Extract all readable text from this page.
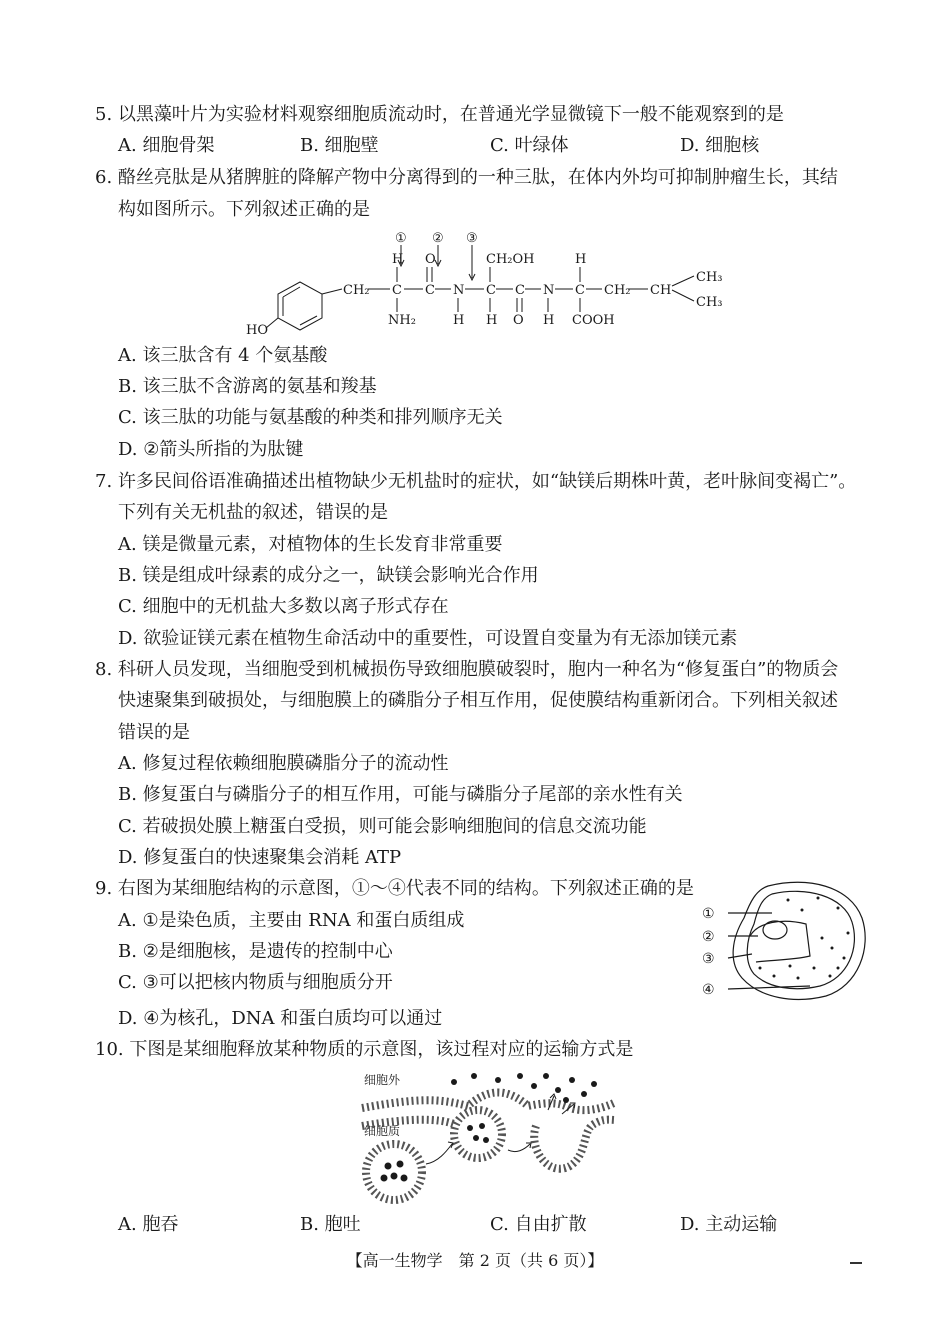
5. 以黑藻叶片为实验材料观察细胞质流动时，在普通光学显微镜下一般不能观察到的是
A. 细胞骨架	B. 细胞壁	C. 叶绿体	D. 细胞核
6. 酪丝亮肽是从猪脾脏的降解产物中分离得到的一种三肽，在体内外均可抑制肿瘤生长，其结
构如图所示。下列叙述正确的是
① ② ③
H O	CH₂OH	H
CH₂ C C N C C N C CH₂ CH
CH₃
CH₃
NH₂	H H O H COOH
HO
A. 该三肽含有 4 个氨基酸
B. 该三肽不含游离的氨基和羧基
C. 该三肽的功能与氨基酸的种类和排列顺序无关
D. ②箭头所指的为肽键
7. 许多民间俗语准确描述出植物缺少无机盐时的症状，如“缺镁后期株叶黄，老叶脉间变褐亡”。
下列有关无机盐的叙述，错误的是
A. 镁是微量元素，对植物体的生长发育非常重要
B. 镁是组成叶绿素的成分之一，缺镁会影响光合作用
C. 细胞中的无机盐大多数以离子形式存在
D. 欲验证镁元素在植物生命活动中的重要性，可设置自变量为有无添加镁元素
8. 科研人员发现，当细胞受到机械损伤导致细胞膜破裂时，胞内一种名为“修复蛋白”的物质会
快速聚集到破损处，与细胞膜上的磷脂分子相互作用，促使膜结构重新闭合。下列相关叙述
错误的是
A. 修复过程依赖细胞膜磷脂分子的流动性
B. 修复蛋白与磷脂分子的相互作用，可能与磷脂分子尾部的亲水性有关
C. 若破损处膜上糖蛋白受损，则可能会影响细胞间的信息交流功能
D. 修复蛋白的快速聚集会消耗 ATP
9. 右图为某细胞结构的示意图，①～④代表不同的结构。下列叙述正确的是
A. ①是染色质，主要由 RNA 和蛋白质组成
B. ②是细胞核，是遗传的控制中心
C. ③可以把核内物质与细胞质分开
D. ④为核孔，DNA 和蛋白质均可以通过
①
②
③
④
10. 下图是某细胞释放某种物质的示意图，该过程对应的运输方式是
细胞外
细胞质
A. 胞吞	B. 胞吐	C. 自由扩散	D. 主动运输
【高一生物学　第 2 页（共 6 页）】
